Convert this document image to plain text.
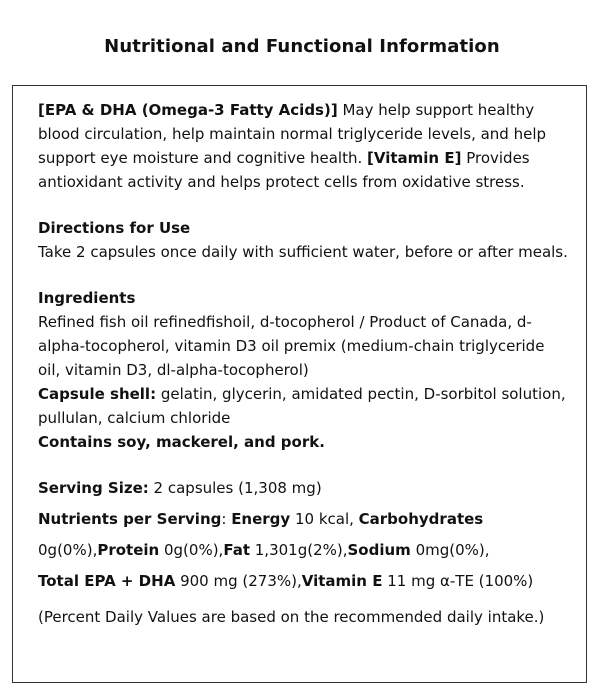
Nutritional and Functional Information

[EPA & DHA (Omega-3 Fatty Acids)] May help support healthy blood circulation, help maintain normal triglyceride levels, and help support eye moisture and cognitive health. [Vitamin E] Provides antioxidant activity and helps protect cells from oxidative stress.

Directions for Use

Take 2 capsules once daily with sufficient water, before or after meals.

Ingredients

Refined fish oil refinedfishoil, d-tocopherol / Product of Canada, d-alpha-tocopherol, vitamin D3 oil premix (medium-chain triglyceride oil, vitamin D3, dl-alpha-tocopherol)

Capsule shell: gelatin, glycerin, amidated pectin, D-sorbitol solution, pullulan, calcium chloride

Contains soy, mackerel, and pork.

Serving Size: 2 capsules (1,308 mg)

Nutrients per Serving: Energy 10 kcal, Carbohydrates

0g(0%),Protein 0g(0%),Fat 1,301g(2%),Sodium 0mg(0%),

Total EPA + DHA 900 mg (273%),Vitamin E 11 mg α-TE (100%)

(Percent Daily Values are based on the recommended daily intake.)
